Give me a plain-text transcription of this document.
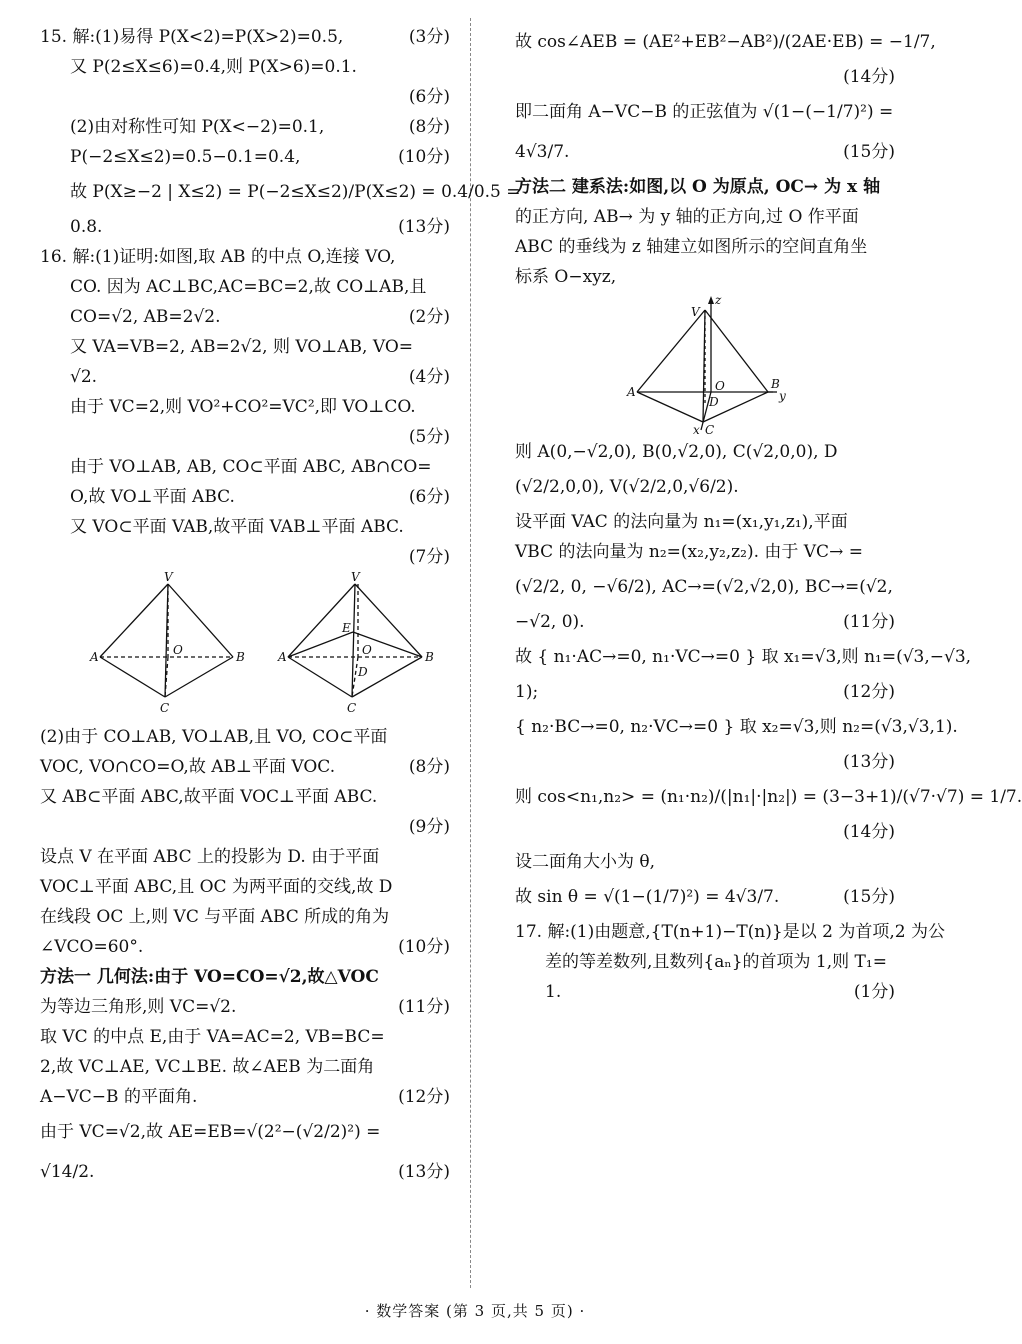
15. 解:(1)易得 P(X<2)=P(X>2)=0.5,	(3分)
又 P(2≤X≤6)=0.4,则 P(X>6)=0.1.
(6分)
(2)由对称性可知 P(X<−2)=0.1,	(8分)
P(−2≤X≤2)=0.5−0.1=0.4,	(10分)
故 P(X≥−2 | X≤2) = P(−2≤X≤2)/P(X≤2) = 0.4/0.5 =
0.8.	(13分)
16. 解:(1)证明:如图,取 AB 的中点 O,连接 VO,
CO. 因为 AC⊥BC,AC=BC=2,故 CO⊥AB,且
CO=√2, AB=2√2.	(2分)
又 VA=VB=2, AB=2√2, 则 VO⊥AB, VO=
√2.	(4分)
由于 VC=2,则 VO²+CO²=VC²,即 VO⊥CO.
(5分)
由于 VO⊥AB, AB, CO⊂平面 ABC, AB∩CO=
O,故 VO⊥平面 ABC.	(6分)
又 VO⊂平面 VAB,故平面 VAB⊥平面 ABC.
(7分)
V
A	B
C
O
V
A	B
C
E
O
D
(2)由于 CO⊥AB, VO⊥AB,且 VO, CO⊂平面
VOC, VO∩CO=O,故 AB⊥平面 VOC.	(8分)
又 AB⊂平面 ABC,故平面 VOC⊥平面 ABC.
(9分)
设点 V 在平面 ABC 上的投影为 D. 由于平面
VOC⊥平面 ABC,且 OC 为两平面的交线,故 D
在线段 OC 上,则 VC 与平面 ABC 所成的角为
∠VCO=60°.	(10分)
方法一 几何法:由于 VO=CO=√2,故△VOC
为等边三角形,则 VC=√2.	(11分)
取 VC 的中点 E,由于 VA=AC=2, VB=BC=
2,故 VC⊥AE, VC⊥BE. 故∠AEB 为二面角
A−VC−B 的平面角.	(12分)
由于 VC=√2,故 AE=EB=√(2²−(√2/2)²) =
√14/2.	(13分)
故 cos∠AEB = (AE²+EB²−AB²)/(2AE·EB) = −1/7,
(14分)
即二面角 A−VC−B 的正弦值为 √(1−(−1/7)²) =
4√3/7.	(15分)
方法二 建系法:如图,以 O 为原点, OC→ 为 x 轴
的正方向, AB→ 为 y 轴的正方向,过 O 作平面
ABC 的垂线为 z 轴建立如图所示的空间直角坐
标系 O−xyz,
V
z
O
D
A
B
y
x C
则 A(0,−√2,0), B(0,√2,0), C(√2,0,0), D
(√2/2,0,0), V(√2/2,0,√6/2).
设平面 VAC 的法向量为 n₁=(x₁,y₁,z₁),平面
VBC 的法向量为 n₂=(x₂,y₂,z₂). 由于 VC→ =
(√2/2, 0, −√6/2), AC→=(√2,√2,0), BC→=(√2,
−√2, 0).	(11分)
故 { n₁·AC→=0, n₁·VC→=0 } 取 x₁=√3,则 n₁=(√3,−√3,
1);	(12分)
{ n₂·BC→=0, n₂·VC→=0 } 取 x₂=√3,则 n₂=(√3,√3,1).
(13分)
则 cos<n₁,n₂> = (n₁·n₂)/(|n₁|·|n₂|) = (3−3+1)/(√7·√7) = 1/7.
(14分)
设二面角大小为 θ,
故 sin θ = √(1−(1/7)²) = 4√3/7.	(15分)
17. 解:(1)由题意,{T(n+1)−T(n)}是以 2 为首项,2 为公
差的等差数列,且数列{aₙ}的首项为 1,则 T₁=
1.	(1分)
· 数学答案 (第 3 页,共 5 页) ·
